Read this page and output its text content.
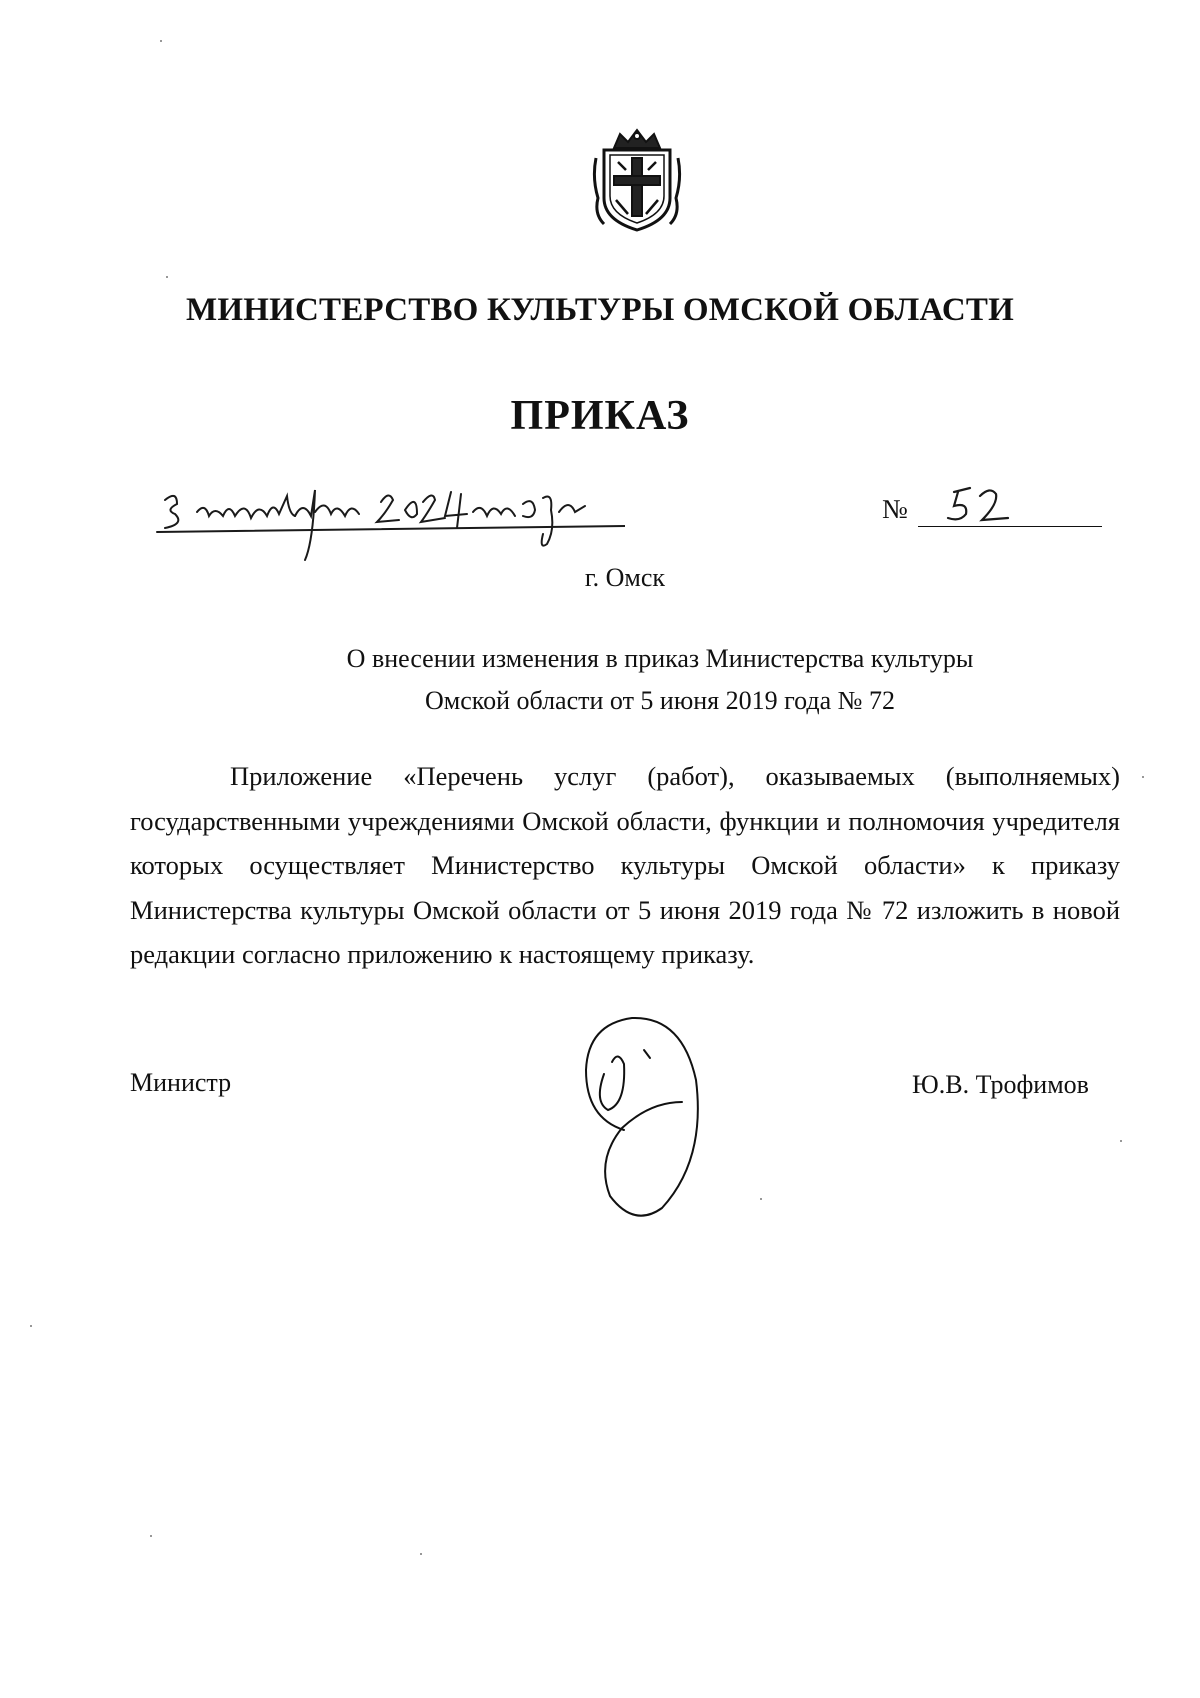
МИНИСТЕРСТВО КУЛЬТУРЫ ОМСКОЙ ОБЛАСТИ
ПРИКАЗ
№
г. Омск
О внесении изменения в приказ Министерства культуры
Омской области от 5 июня 2019 года № 72
Приложение «Перечень услуг (работ), оказываемых (выполняемых) государственными учреждениями Омской области, функции и полномочия учредителя которых осуществляет Министерство культуры Омской области» к приказу Министерства культуры Омской области от 5 июня 2019 года № 72 изложить в новой редакции согласно приложению к настоящему приказу.
Министр	Ю.В. Трофимов
